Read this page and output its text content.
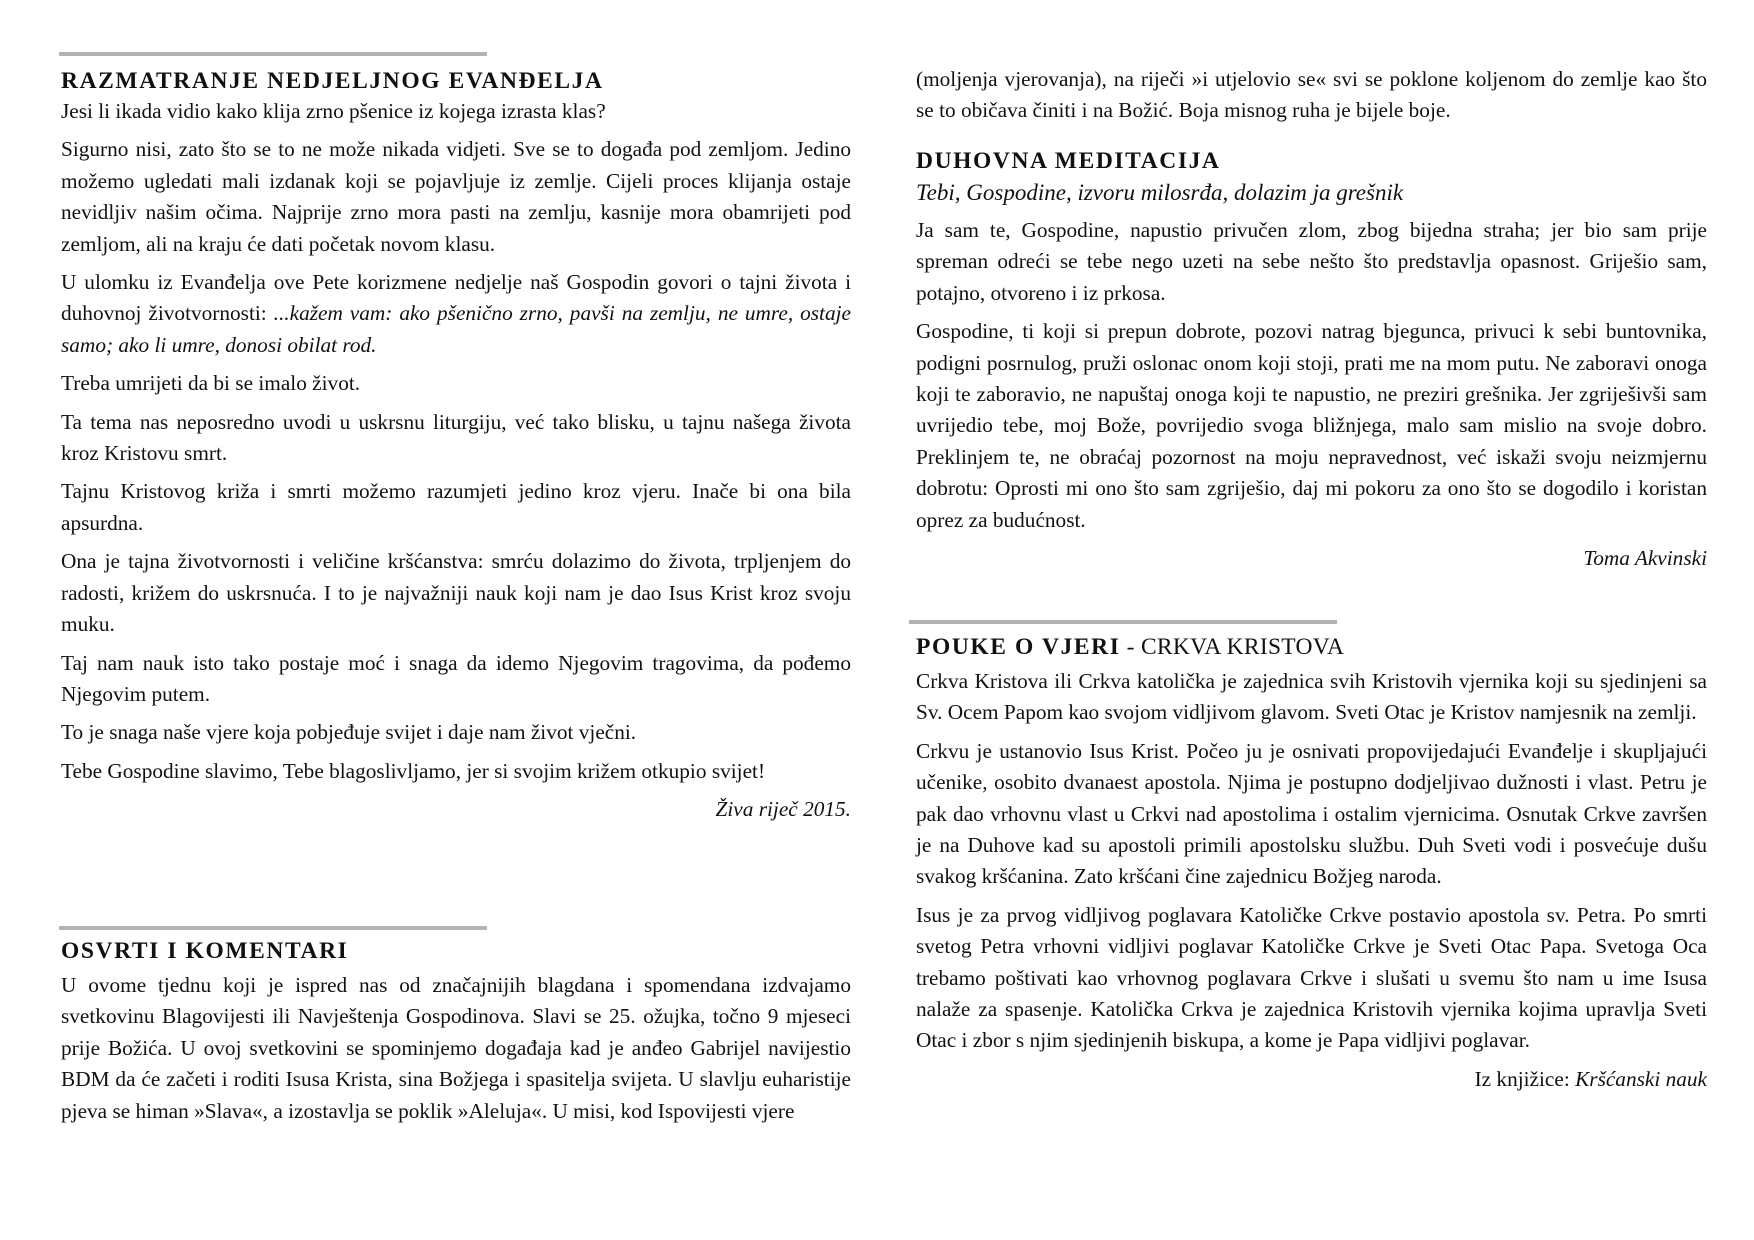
RAZMATRANJE NEDJELJNOG EVANĐELJA

Jesi li ikada vidio kako klija zrno pšenice iz kojega izrasta klas?

Sigurno nisi, zato što se to ne može nikada vidjeti. Sve se to događa pod zemljom. Jedino možemo ugledati mali izdanak koji se pojavljuje iz zemlje. Cijeli proces klijanja ostaje nevidljiv našim očima. Najprije zrno mora pasti na zemlju, kasnije mora obamrijeti pod zemljom, ali na kraju će dati početak novom klasu.

U ulomku iz Evanđelja ove Pete korizmene nedjelje naš Gospodin govori o tajni života i duhovnoj životvornosti: ...kažem vam: ako pšenično zrno, pavši na zemlju, ne umre, ostaje samo; ako li umre, donosi obilat rod.

Treba umrijeti da bi se imalo život.

Ta tema nas neposredno uvodi u uskrsnu liturgiju, već tako blisku, u tajnu našega života kroz Kristovu smrt.

Tajnu Kristovog križa i smrti možemo razumjeti jedino kroz vjeru. Inače bi ona bila apsurdna.

Ona je tajna životvornosti i veličine kršćanstva: smrću dolazimo do života, trpljenjem do radosti, križem do uskrsnuća. I to je najvažniji nauk koji nam je dao Isus Krist kroz svoju muku.

Taj nam nauk isto tako postaje moć i snaga da idemo Njegovim tragovima, da pođemo Njegovim putem.

To je snaga naše vjere koja pobjeđuje svijet i daje nam život vječni.

Tebe Gospodine slavimo, Tebe blagoslivljamo, jer si svojim križem otkupio svijet!

Živa riječ 2015.

OSVRTI I KOMENTARI

U ovome tjednu koji je ispred nas od značajnijih blagdana i spomendana izdvajamo svetkovinu Blagovijesti ili Navještenja Gospodinova. Slavi se 25. ožujka, točno 9 mjeseci prije Božića. U ovoj svetkovini se spominjemo događaja kad je anđeo Gabrijel navijestio BDM da će začeti i roditi Isusa Krista, sina Božjega i spasitelja svijeta. U slavlju euharistije pjeva se himan »Slava«, a izostavlja se poklik »Aleluja«. U misi, kod Ispovijesti vjere

(moljenja vjerovanja), na riječi »i utjelovio se« svi se poklone koljenom do zemlje kao što se to običava činiti i na Božić. Boja misnog ruha je bijele boje.

DUHOVNA MEDITACIJA

Tebi, Gospodine, izvoru milosrđa, dolazim ja grešnik

Ja sam te, Gospodine, napustio privučen zlom, zbog bijedna straha; jer bio sam prije spreman odreći se tebe nego uzeti na sebe nešto što predstavlja opasnost. Griješio sam, potajno, otvoreno i iz prkosa.

Gospodine, ti koji si prepun dobrote, pozovi natrag bjegunca, privuci k sebi buntovnika, podigni posrnulog, pruži oslonac onom koji stoji, prati me na mom putu. Ne zaboravi onoga koji te zaboravio, ne napuštaj onoga koji te napustio, ne preziri grešnika. Jer zgriješivši sam uvrijedio tebe, moj Bože, povrijedio svoga bližnjega, malo sam mislio na svoje dobro. Preklinjem te, ne obraćaj pozornost na moju nepravednost, već iskaži svoju neizmjernu dobrotu: Oprosti mi ono što sam zgriješio, daj mi pokoru za ono što se dogodilo i koristan oprez za budućnost.

Toma Akvinski

POUKE O VJERI - CRKVA KRISTOVA

Crkva Kristova ili Crkva katolička je zajednica svih Kristovih vjernika koji su sjedinjeni sa Sv. Ocem Papom kao svojom vidljivom glavom. Sveti Otac je Kristov namjesnik na zemlji.

Crkvu je ustanovio Isus Krist. Počeo ju je osnivati propovijedajući Evanđelje i skupljajući učenike, osobito dvanaest apostola. Njima je postupno dodjeljivao dužnosti i vlast. Petru je pak dao vrhovnu vlast u Crkvi nad apostolima i ostalim vjernicima. Osnutak Crkve završen je na Duhove kad su apostoli primili apostolsku službu. Duh Sveti vodi i posvećuje dušu svakog kršćanina. Zato kršćani čine zajednicu Božjeg naroda.

Isus je za prvog vidljivog poglavara Katoličke Crkve postavio apostola sv. Petra. Po smrti svetog Petra vrhovni vidljivi poglavar Katoličke Crkve je Sveti Otac Papa. Svetoga Oca trebamo poštivati kao vrhovnog poglavara Crkve i slušati u svemu što nam u ime Isusa nalaže za spasenje. Katolička Crkva je zajednica Kristovih vjernika kojima upravlja Sveti Otac i zbor s njim sjedinjenih biskupa, a kome je Papa vidljivi poglavar.

Iz knjižice: Kršćanski nauk
